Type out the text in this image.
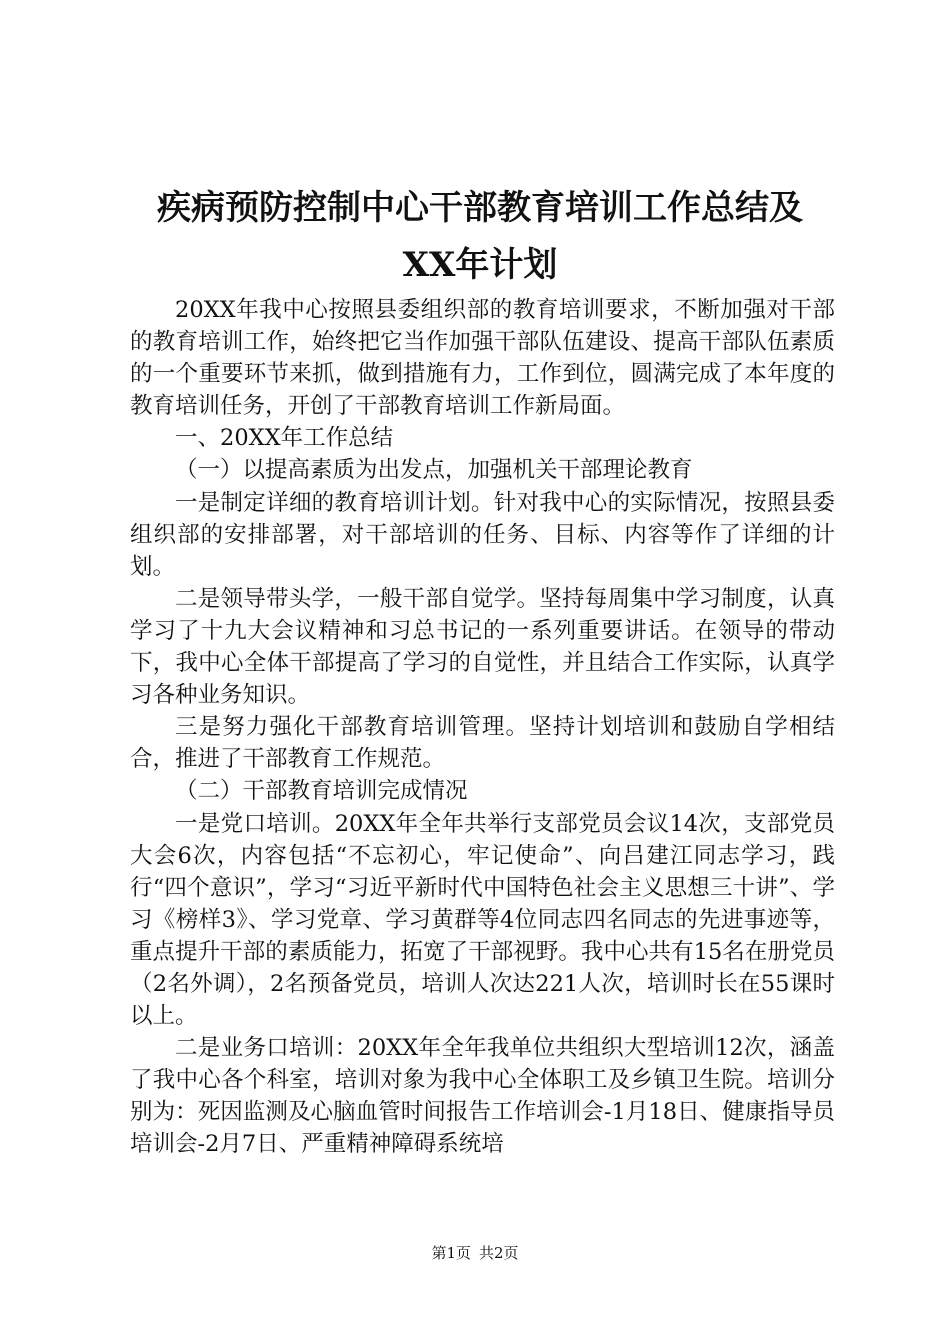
疾病预防控制中心干部教育培训工作总结及
XX年计划

20XX年我中心按照县委组织部的教育培训要求，不断加强对干部的教育培训工作，始终把它当作加强干部队伍建设、提高干部队伍素质的一个重要环节来抓，做到措施有力，工作到位，圆满完成了本年度的教育培训任务，开创了干部教育培训工作新局面。

一、20XX年工作总结

（一）以提高素质为出发点，加强机关干部理论教育

一是制定详细的教育培训计划。针对我中心的实际情况，按照县委组织部的安排部署，对干部培训的任务、目标、内容等作了详细的计划。

二是领导带头学，一般干部自觉学。坚持每周集中学习制度，认真学习了十九大会议精神和习总书记的一系列重要讲话。在领导的带动下，我中心全体干部提高了学习的自觉性，并且结合工作实际，认真学习各种业务知识。

三是努力强化干部教育培训管理。坚持计划培训和鼓励自学相结合，推进了干部教育工作规范。

（二）干部教育培训完成情况

一是党口培训。20XX年全年共举行支部党员会议14次，支部党员大会6次，内容包括“不忘初心，牢记使命”、向吕建江同志学习，践行“四个意识”，学习“习近平新时代中国特色社会主义思想三十讲”、学习《榜样3》、学习党章、学习黄群等4位同志四名同志的先进事迹等，重点提升干部的素质能力，拓宽了干部视野。我中心共有15名在册党员（2名外调），2名预备党员，培训人次达221人次，培训时长在55课时以上。

二是业务口培训：20XX年全年我单位共组织大型培训12次，涵盖了我中心各个科室，培训对象为我中心全体职工及乡镇卫生院。培训分别为：死因监测及心脑血管时间报告工作培训会-1月18日、健康指导员培训会-2月7日、严重精神障碍系统培

第1页 共2页
